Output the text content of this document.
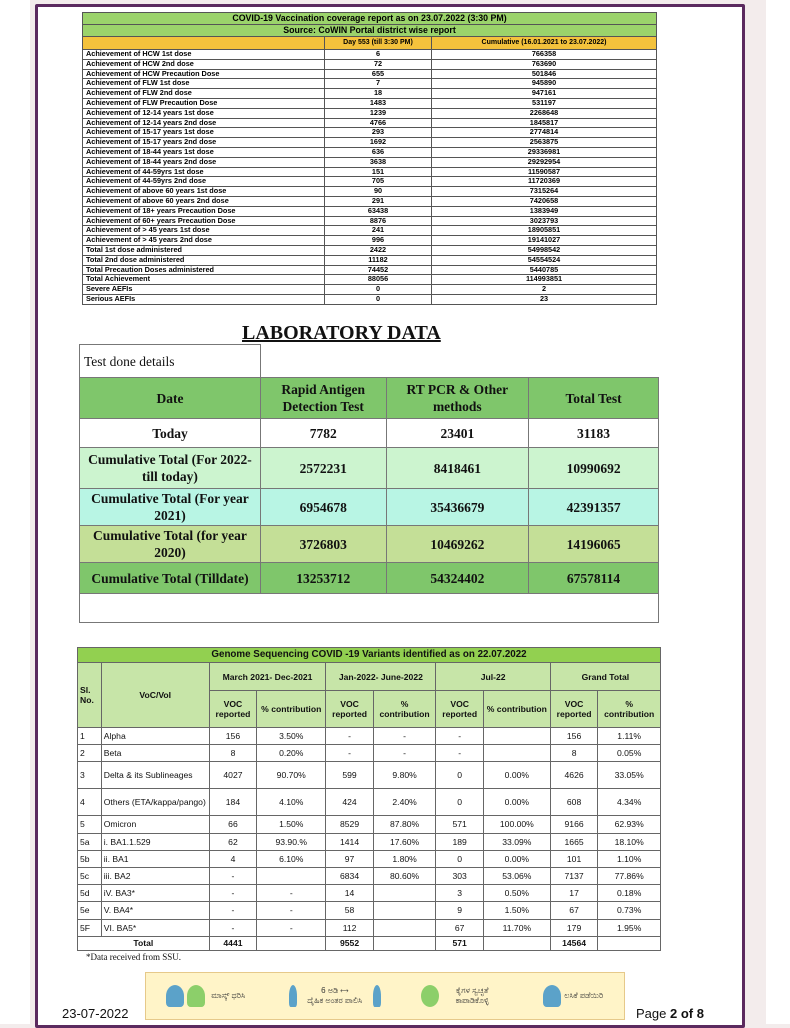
COVID-19 Vaccination coverage report as on 23.07.2022 (3:30 PM)		
Source: CoWIN Portal district wise report		
	Day 553 (till 3:30 PM)	Cumulative (16.01.2021 to 23.07.2022)
Achievement of HCW 1st dose	6	766358
Achievement of HCW 2nd dose	72	763690
Achievement of HCW Precaution Dose	655	501846
Achievement of FLW 1st dose	7	945890
Achievement of FLW 2nd dose	18	947161
Achievement of FLW Precaution Dose	1483	531197
Achievement of 12-14 years 1st dose	1239	2268648
Achievement of 12-14 years 2nd dose	4766	1845817
Achievement of 15-17 years 1st dose	293	2774814
Achievement of 15-17 years 2nd dose	1692	2563875
Achievement of 18-44 years 1st dose	636	29336981
Achievement of 18-44 years 2nd dose	3638	29292954
Achievement of 44-59yrs 1st dose	151	11590587
Achievement of 44-59yrs 2nd dose	705	11720369
Achievement of above 60 years 1st dose	90	7315264
Achievement of above 60 years 2nd dose	291	7420658
Achievement of 18+ years Precaution Dose	63438	1383949
Achievement of 60+ years Precaution Dose	8876	3023793
Achievement of > 45 years 1st dose	241	18905851
Achievement of > 45 years 2nd dose	996	19141027
Total 1st dose administered	2422	54998542
Total 2nd dose administered	11182	54554524
Total Precaution Doses administered	74452	5440785
Total Achievement	88056	114993851
Severe AEFIs	0	2
Serious AEFIs	0	23
LABORATORY DATA
Test done details			
Date	Rapid Antigen Detection Test	RT PCR & Other methods	Total Test
Today	7782	23401	31183
Cumulative Total (For 2022- till today)	2572231	8418461	10990692
Cumulative Total (For year 2021)	6954678	35436679	42391357
Cumulative Total (for year 2020)	3726803	10469262	14196065
Cumulative Total (Tilldate)	13253712	54324402	67578114

Genome Sequencing COVID -19 Variants identified as on 22.07.2022									
Sl. No.	VoC/VoI	March 2021- Dec-2021		Jan-2022- June-2022		Jul-22		Grand Total	
		VOC reported	% contribution	VOC reported	% contribution	VOC reported	% contribution	VOC reported	% contribution
1	Alpha	156	3.50%	-	-	-		156	1.11%
2	Beta	8	0.20%	-	-	-		8	0.05%
3	Delta & its Sublineages	4027	90.70%	599	9.80%	0	0.00%	4626	33.05%
4	Others (ETA/kappa/pango)	184	4.10%	424	2.40%	0	0.00%	608	4.34%
5	Omicron	66	1.50%	8529	87.80%	571	100.00%	9166	62.93%
5a	i. BA1.1.529	62	93.90.%	1414	17.60%	189	33.09%	1665	18.10%
5b	ii. BA1	4	6.10%	97	1.80%	0	0.00%	101	1.10%
5c	iii. BA2	-		6834	80.60%	303	53.06%	7137	77.86%
5d	iV. BA3*	-	-	14		3	0.50%	17	0.18%
5e	V. BA4*	-	-	58		9	1.50%	67	0.73%
5F	VI. BA5*	-	-	112		67	11.70%	179	1.95%
Total		4441		9552		571		14564	

*Data received from SSU.

ಮಾಸ್ಕ್ ಧರಿಸಿ
6 ಅಡಿ ⟷
ದೈಹಿಕ ಅಂತರ ಪಾಲಿಸಿ
ಕೈಗಳ ಸ್ವಚ್ಛತೆ ಕಾಪಾಡಿಕೊಳ್ಳಿ
ಲಸಿಕೆ ಪಡೆಯಿರಿ

23-07-2022	Page 2 of 8
